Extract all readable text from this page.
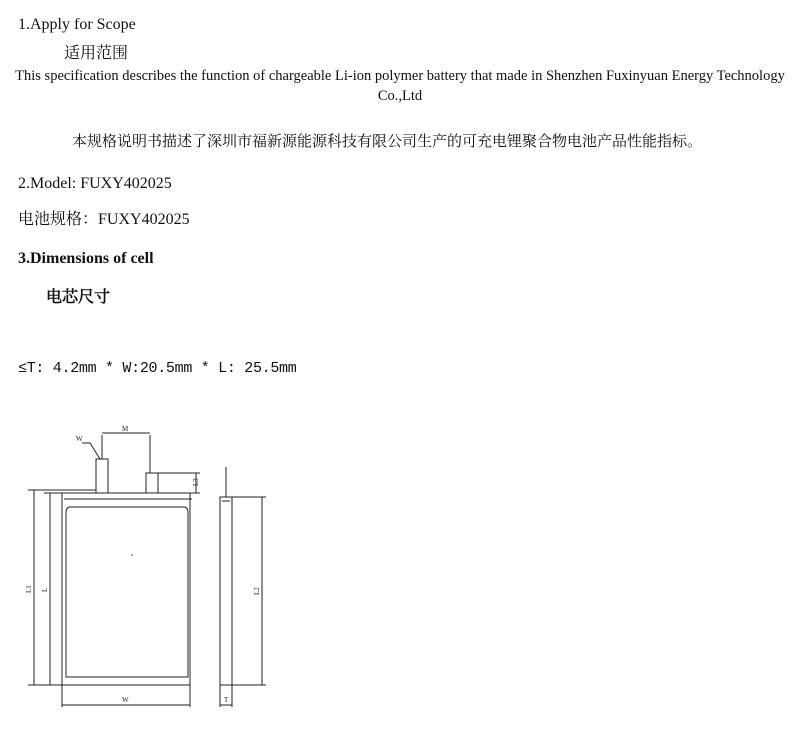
1.Apply for Scope
适用范围
This specification describes the function of chargeable Li-ion polymer battery that made in Shenzhen Fuxinyuan Energy Technology Co.,Ltd
本规格说明书描述了深圳市福新源能源科技有限公司生产的可充电锂聚合物电池产品性能指标。
2.Model: FUXY402025
电池规格：FUXY402025
3.Dimensions of cell
电芯尺寸
≤T: 4.2mm * W:20.5mm * L: 25.5mm
W
M
L3
L1 L
W
L2
T
